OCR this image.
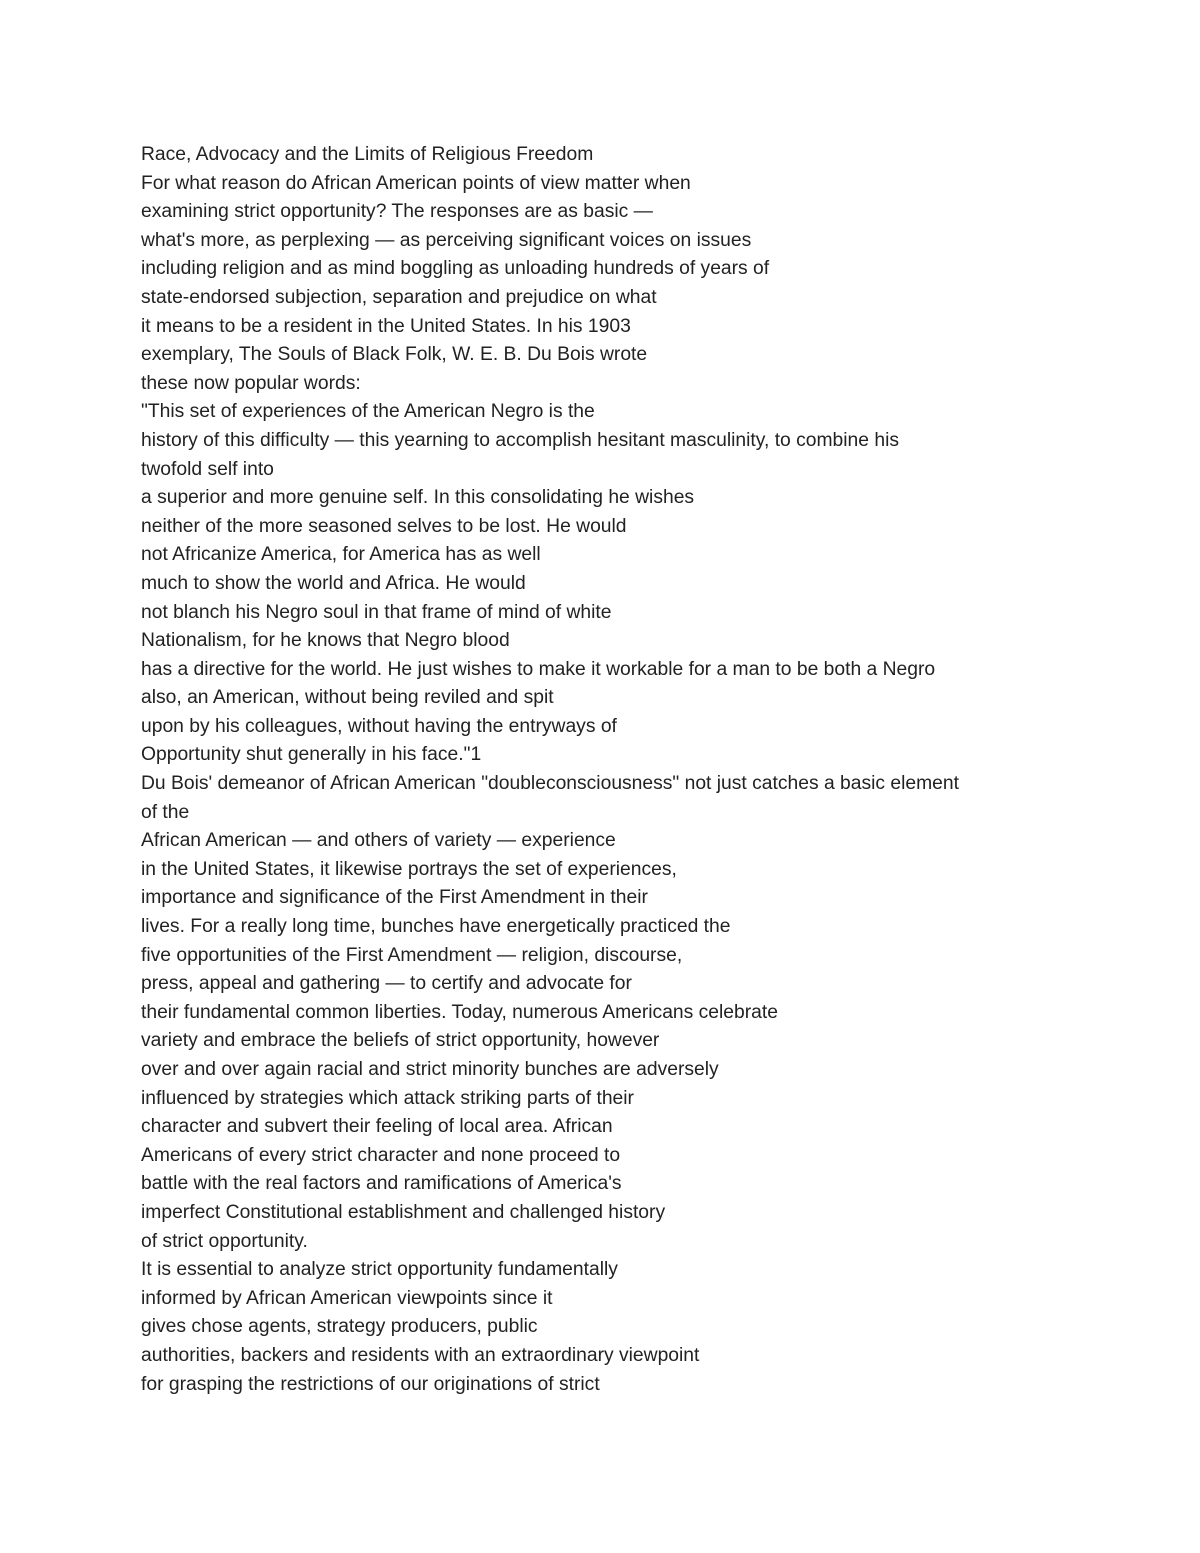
Race, Advocacy and the Limits of Religious Freedom
For what reason do African American points of view matter when
examining strict opportunity? The responses are as basic —
what's more, as perplexing — as perceiving significant voices on issues
including religion and as mind boggling as unloading hundreds of years of
state-endorsed subjection, separation and prejudice on what
it means to be a resident in the United States. In his 1903
exemplary, The Souls of Black Folk, W. E. B. Du Bois wrote
these now popular words:
"This set of experiences of the American Negro is the
history of this difficulty — this yearning to accomplish hesitant masculinity, to combine his
twofold self into
a superior and more genuine self. In this consolidating he wishes
neither of the more seasoned selves to be lost. He would
not Africanize America, for America has as well
much to show the world and Africa. He would
not blanch his Negro soul in that frame of mind of white
Nationalism, for he knows that Negro blood
has a directive for the world. He just wishes to make it workable for a man to be both a Negro
also, an American, without being reviled and spit
upon by his colleagues, without having the entryways of
Opportunity shut generally in his face."1
Du Bois' demeanor of African American "doubleconsciousness" not just catches a basic element
of the
African American — and others of variety — experience
in the United States, it likewise portrays the set of experiences,
importance and significance of the First Amendment in their
lives. For a really long time, bunches have energetically practiced the
five opportunities of the First Amendment — religion, discourse,
press, appeal and gathering — to certify and advocate for
their fundamental common liberties. Today, numerous Americans celebrate
variety and embrace the beliefs of strict opportunity, however
over and over again racial and strict minority bunches are adversely
influenced by strategies which attack striking parts of their
character and subvert their feeling of local area. African
Americans of every strict character and none proceed to
battle with the real factors and ramifications of America's
imperfect Constitutional establishment and challenged history
of strict opportunity.
It is essential to analyze strict opportunity fundamentally
informed by African American viewpoints since it
gives chose agents, strategy producers, public
authorities, backers and residents with an extraordinary viewpoint
for grasping the restrictions of our originations of strict
